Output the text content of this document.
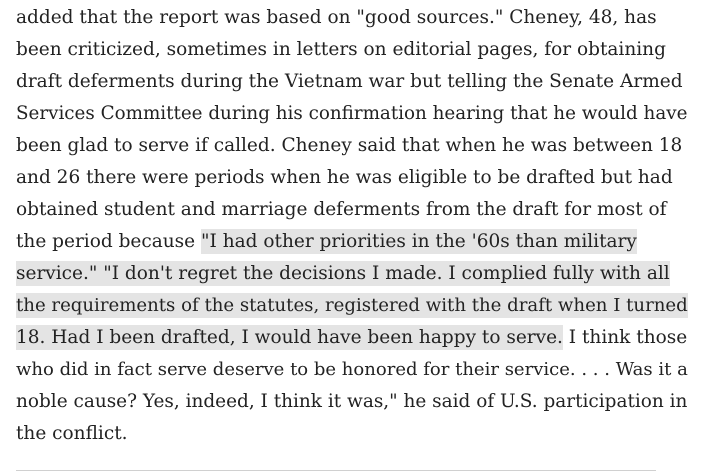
added that the report was based on "good sources." Cheney, 48, has
been criticized, sometimes in letters on editorial pages, for obtaining
draft deferments during the Vietnam war but telling the Senate Armed
Services Committee during his confirmation hearing that he would have
been glad to serve if called. Cheney said that when he was between 18
and 26 there were periods when he was eligible to be drafted but had
obtained student and marriage deferments from the draft for most of
the period because "I had other priorities in the '60s than military
service." "I don't regret the decisions I made. I complied fully with all
the requirements of the statutes, registered with the draft when I turned
18. Had I been drafted, I would have been happy to serve. I think those
who did in fact serve deserve to be honored for their service. . . . Was it a
noble cause? Yes, indeed, I think it was," he said of U.S. participation in
the conflict.
